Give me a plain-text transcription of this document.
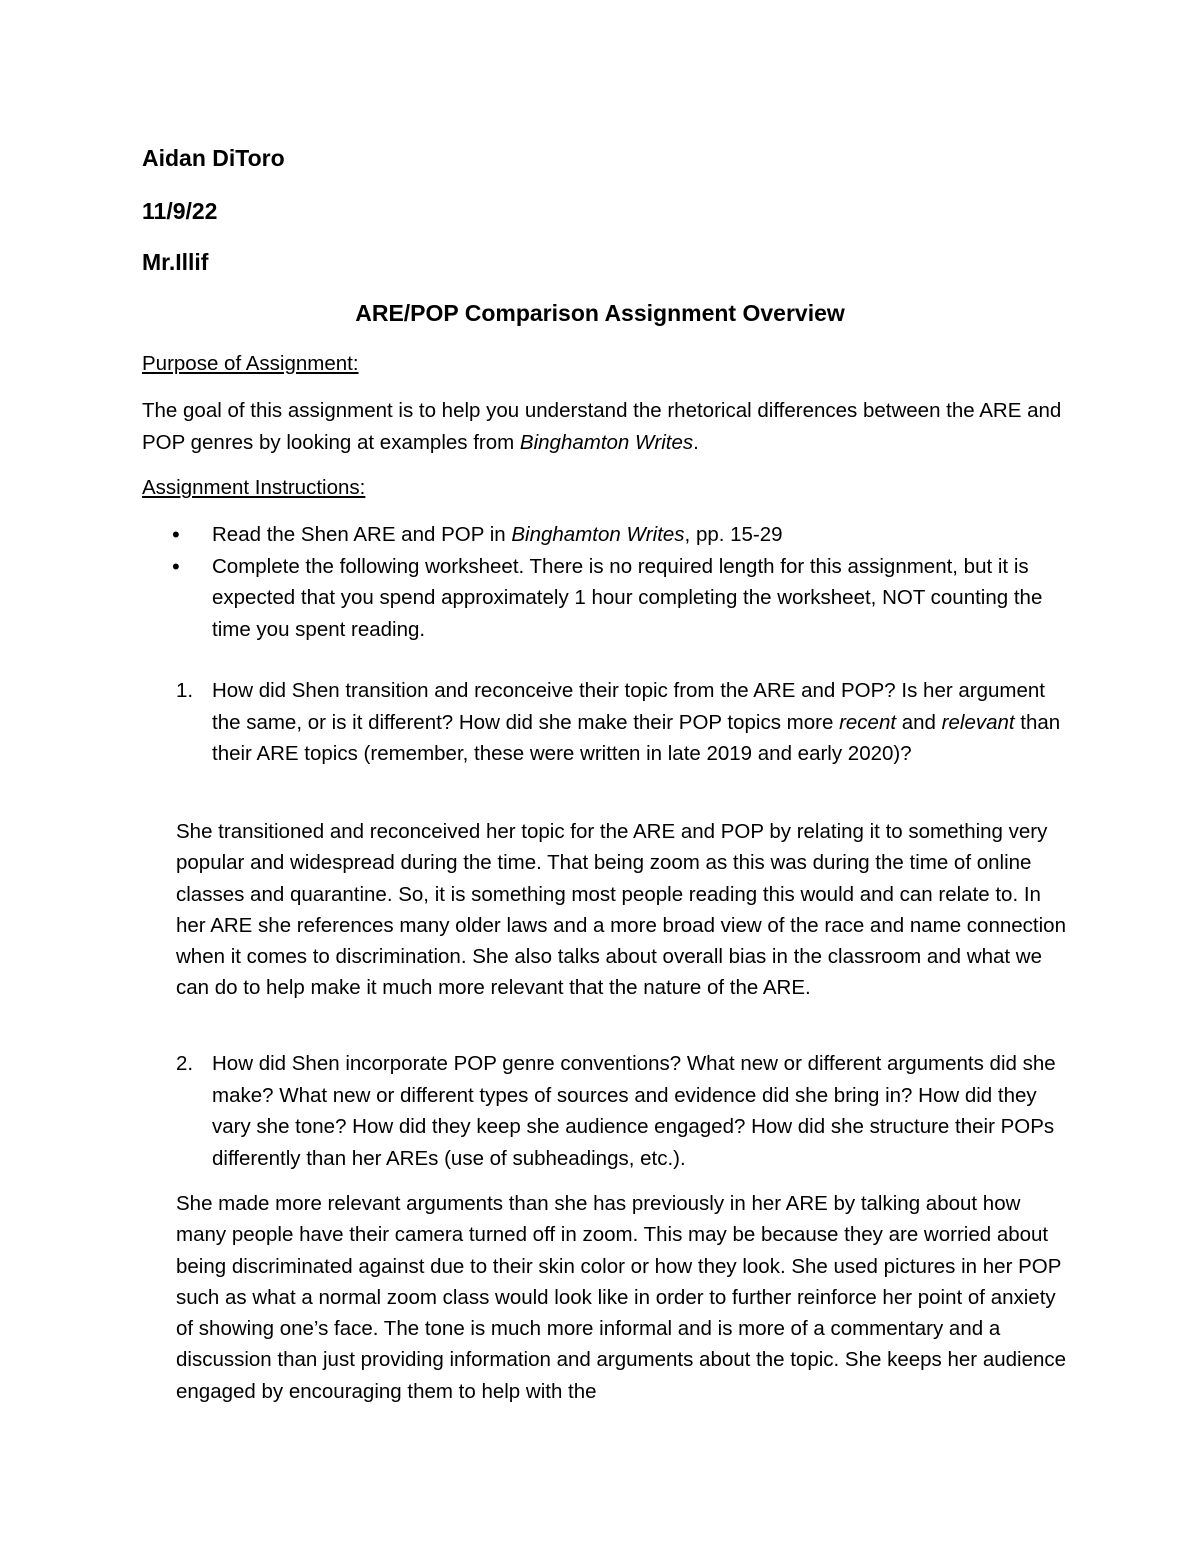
Aidan DiToro

11/9/22

Mr.Illif

ARE/POP Comparison Assignment Overview

Purpose of Assignment:

The goal of this assignment is to help you understand the rhetorical differences between the ARE and POP genres by looking at examples from Binghamton Writes.

Assignment Instructions:

• Read the Shen ARE and POP in Binghamton Writes, pp. 15-29
• Complete the following worksheet. There is no required length for this assignment, but it is expected that you spend approximately 1 hour completing the worksheet, NOT counting the time you spent reading.
1. How did Shen transition and reconceive their topic from the ARE and POP? Is her argument the same, or is it different? How did she make their POP topics more recent and relevant than their ARE topics (remember, these were written in late 2019 and early 2020)?

She transitioned and reconceived her topic for the ARE and POP by relating it to something very popular and widespread during the time. That being zoom as this was during the time of online classes and quarantine. So, it is something most people reading this would and can relate to. In her ARE she references many older laws and a more broad view of the race and name connection when it comes to discrimination. She also talks about overall bias in the classroom and what we can do to help make it much more relevant that the nature of the ARE.

2. How did Shen incorporate POP genre conventions? What new or different arguments did she make? What new or different types of sources and evidence did she bring in? How did they vary she tone? How did they keep she audience engaged? How did she structure their POPs differently than her AREs (use of subheadings, etc.).

She made more relevant arguments than she has previously in her ARE by talking about how many people have their camera turned off in zoom. This may be because they are worried about being discriminated against due to their skin color or how they look. She used pictures in her POP such as what a normal zoom class would look like in order to further reinforce her point of anxiety of showing one’s face. The tone is much more informal and is more of a commentary and a discussion than just providing information and arguments about the topic. She keeps her audience engaged by encouraging them to help with the
